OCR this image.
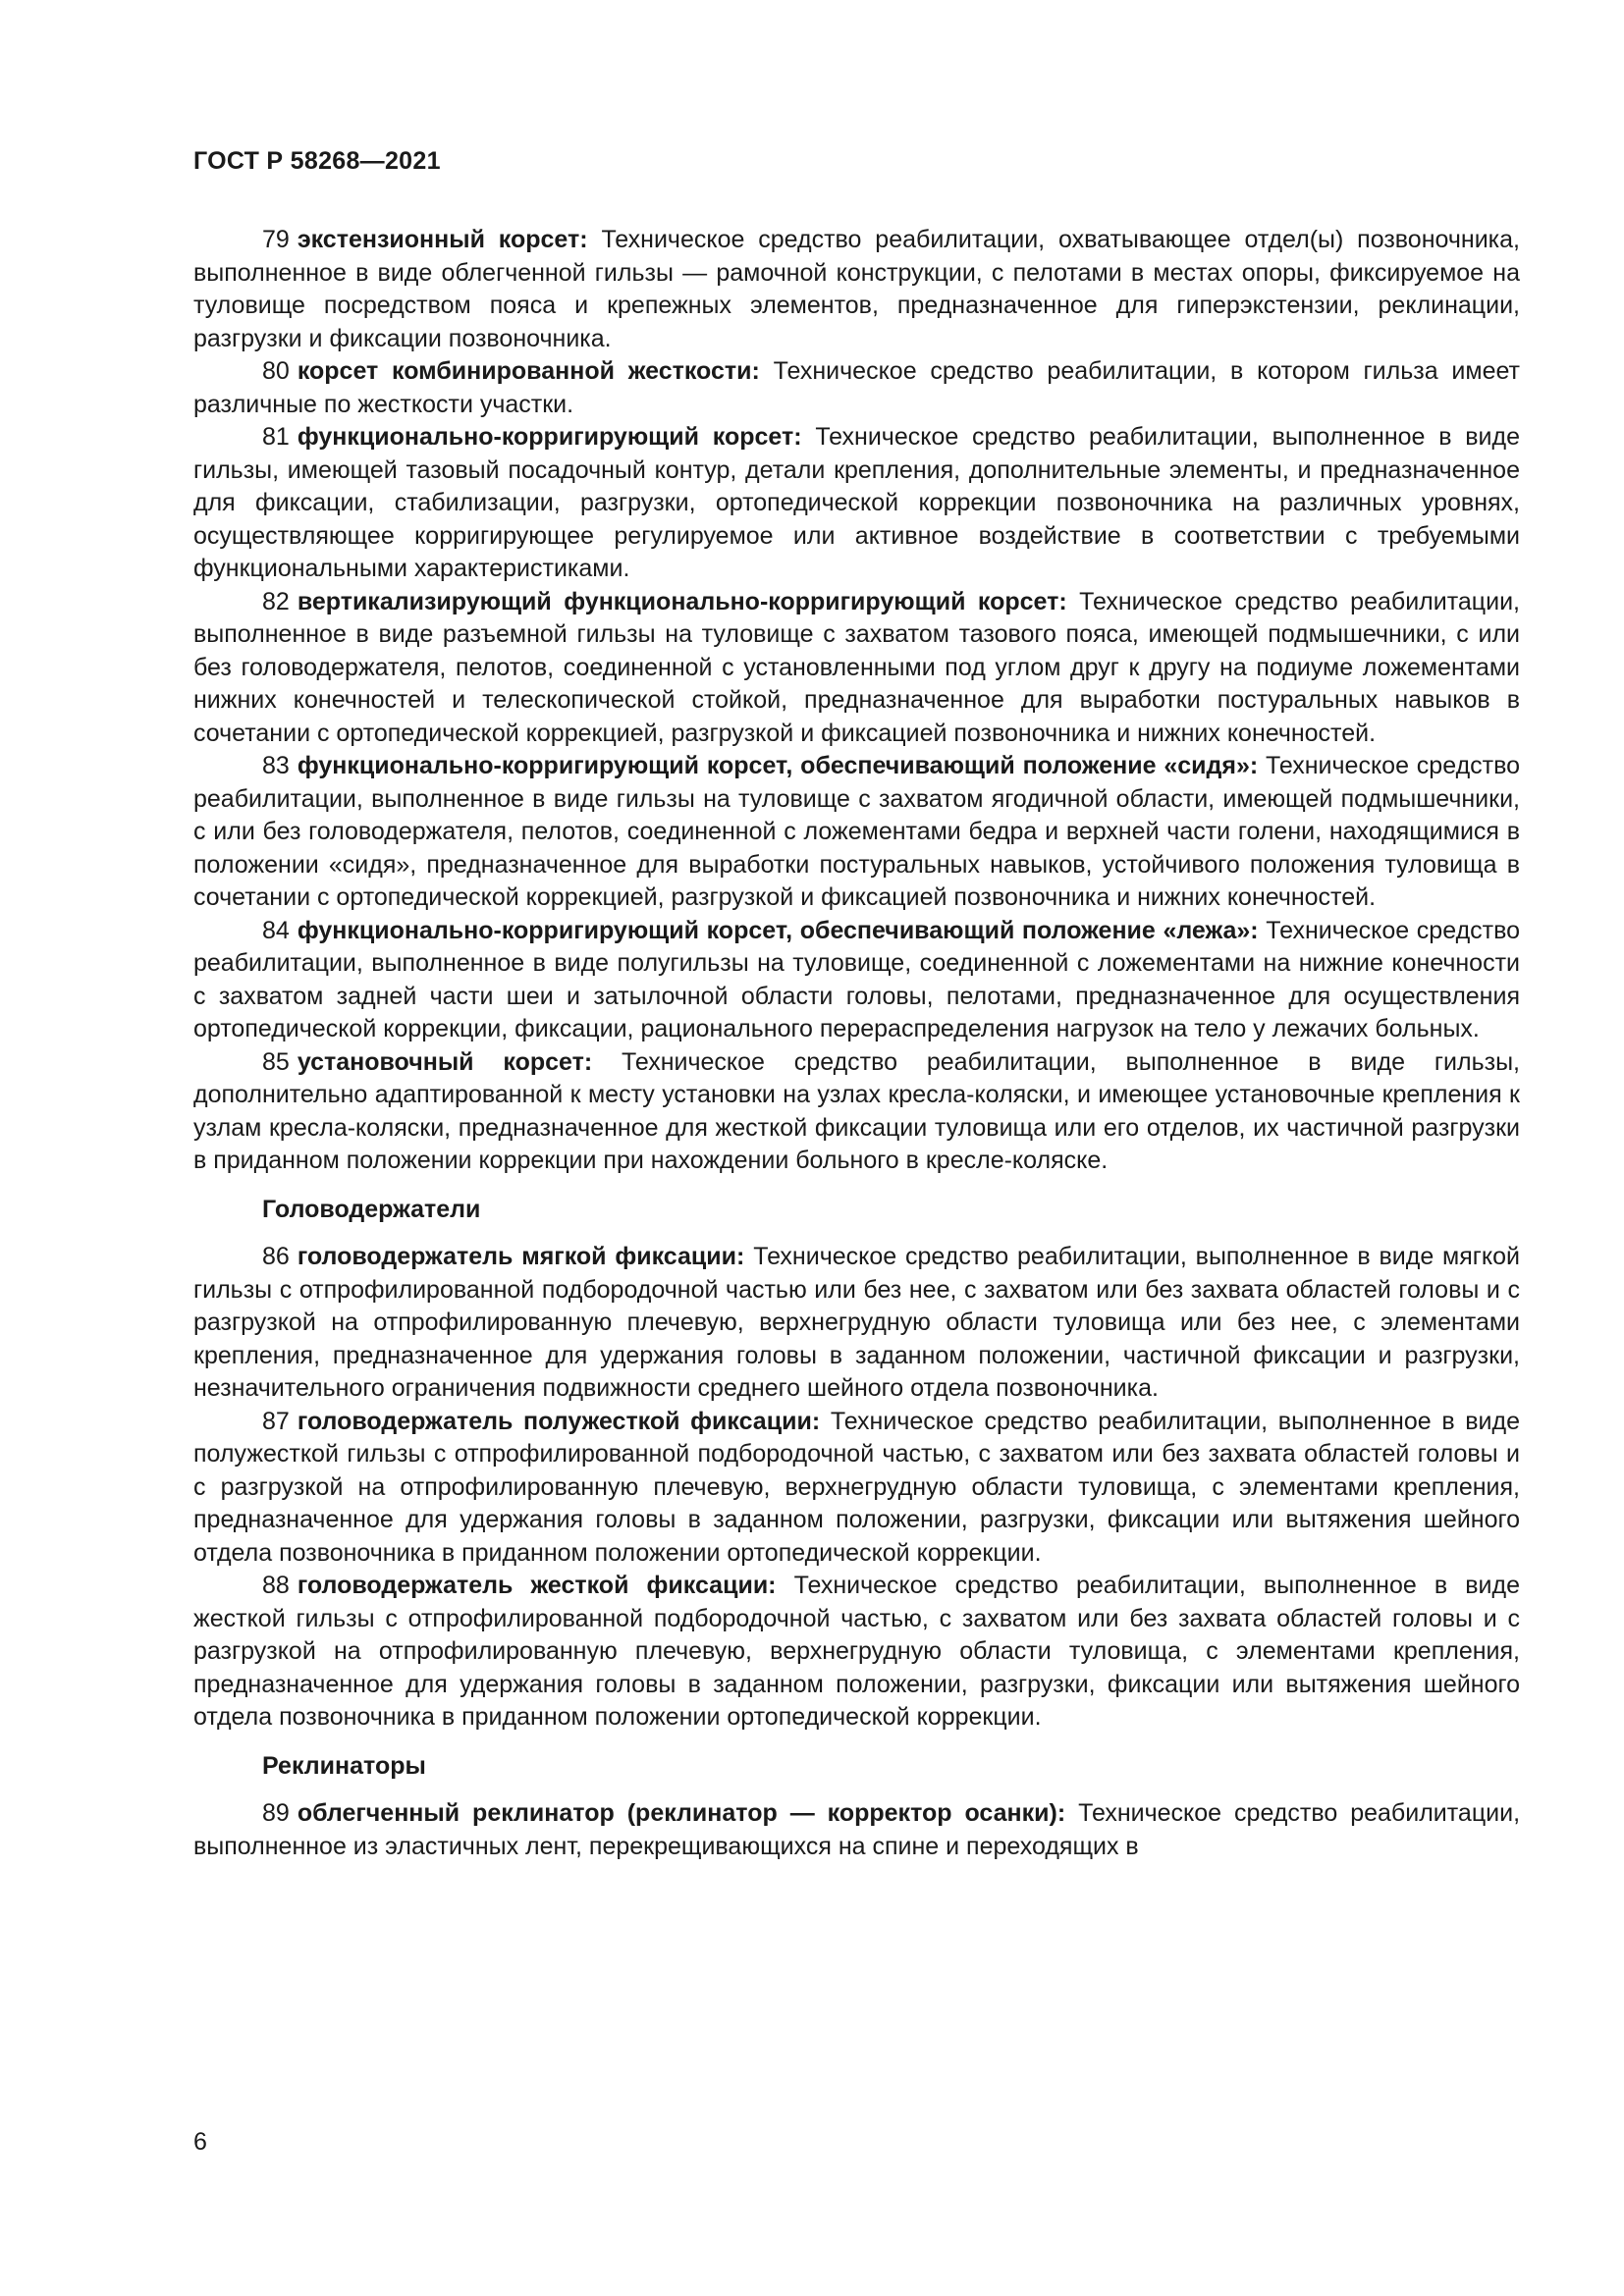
ГОСТ Р 58268—2021

79 экстензионный корсет: Техническое средство реабилитации, охватывающее отдел(ы) позвоночника, выполненное в виде облегченной гильзы — рамочной конструкции, с пелотами в местах опоры, фиксируемое на туловище посредством пояса и крепежных элементов, предназначенное для гиперэкстензии, реклинации, разгрузки и фиксации позвоночника.

80 корсет комбинированной жесткости: Техническое средство реабилитации, в котором гильза имеет различные по жесткости участки.

81 функционально-корригирующий корсет: Техническое средство реабилитации, выполненное в виде гильзы, имеющей тазовый посадочный контур, детали крепления, дополнительные элементы, и предназначенное для фиксации, стабилизации, разгрузки, ортопедической коррекции позвоночника на различных уровнях, осуществляющее корригирующее регулируемое или активное воздействие в соответствии с требуемыми функциональными характеристиками.

82 вертикализирующий функционально-корригирующий корсет: Техническое средство реабилитации, выполненное в виде разъемной гильзы на туловище с захватом тазового пояса, имеющей подмышечники, с или без головодержателя, пелотов, соединенной с установленными под углом друг к другу на подиуме ложементами нижних конечностей и телескопической стойкой, предназначенное для выработки постуральных навыков в сочетании с ортопедической коррекцией, разгрузкой и фиксацией позвоночника и нижних конечностей.

83 функционально-корригирующий корсет, обеспечивающий положение «сидя»: Техническое средство реабилитации, выполненное в виде гильзы на туловище с захватом ягодичной области, имеющей подмышечники, с или без головодержателя, пелотов, соединенной с ложементами бедра и верхней части голени, находящимися в положении «сидя», предназначенное для выработки постуральных навыков, устойчивого положения туловища в сочетании с ортопедической коррекцией, разгрузкой и фиксацией позвоночника и нижних конечностей.

84 функционально-корригирующий корсет, обеспечивающий положение «лежа»: Техническое средство реабилитации, выполненное в виде полугильзы на туловище, соединенной с ложементами на нижние конечности с захватом задней части шеи и затылочной области головы, пелотами, предназначенное для осуществления ортопедической коррекции, фиксации, рационального перераспределения нагрузок на тело у лежачих больных.

85 установочный корсет: Техническое средство реабилитации, выполненное в виде гильзы, дополнительно адаптированной к месту установки на узлах кресла-коляски, и имеющее установочные крепления к узлам кресла-коляски, предназначенное для жесткой фиксации туловища или его отделов, их частичной разгрузки в приданном положении коррекции при нахождении больного в кресле-коляске.

Головодержатели

86 головодержатель мягкой фиксации: Техническое средство реабилитации, выполненное в виде мягкой гильзы с отпрофилированной подбородочной частью или без нее, с захватом или без захвата областей головы и с разгрузкой на отпрофилированную плечевую, верхнегрудную области туловища или без нее, с элементами крепления, предназначенное для удержания головы в заданном положении, частичной фиксации и разгрузки, незначительного ограничения подвижности среднего шейного отдела позвоночника.

87 головодержатель полужесткой фиксации: Техническое средство реабилитации, выполненное в виде полужесткой гильзы с отпрофилированной подбородочной частью, с захватом или без захвата областей головы и с разгрузкой на отпрофилированную плечевую, верхнегрудную области туловища, с элементами крепления, предназначенное для удержания головы в заданном положении, разгрузки, фиксации или вытяжения шейного отдела позвоночника в приданном положении ортопедической коррекции.

88 головодержатель жесткой фиксации: Техническое средство реабилитации, выполненное в виде жесткой гильзы с отпрофилированной подбородочной частью, с захватом или без захвата областей головы и с разгрузкой на отпрофилированную плечевую, верхнегрудную области туловища, с элементами крепления, предназначенное для удержания головы в заданном положении, разгрузки, фиксации или вытяжения шейного отдела позвоночника в приданном положении ортопедической коррекции.

Реклинаторы

89 облегченный реклинатор (реклинатор — корректор осанки): Техническое средство реабилитации, выполненное из эластичных лент, перекрещивающихся на спине и переходящих в

6
